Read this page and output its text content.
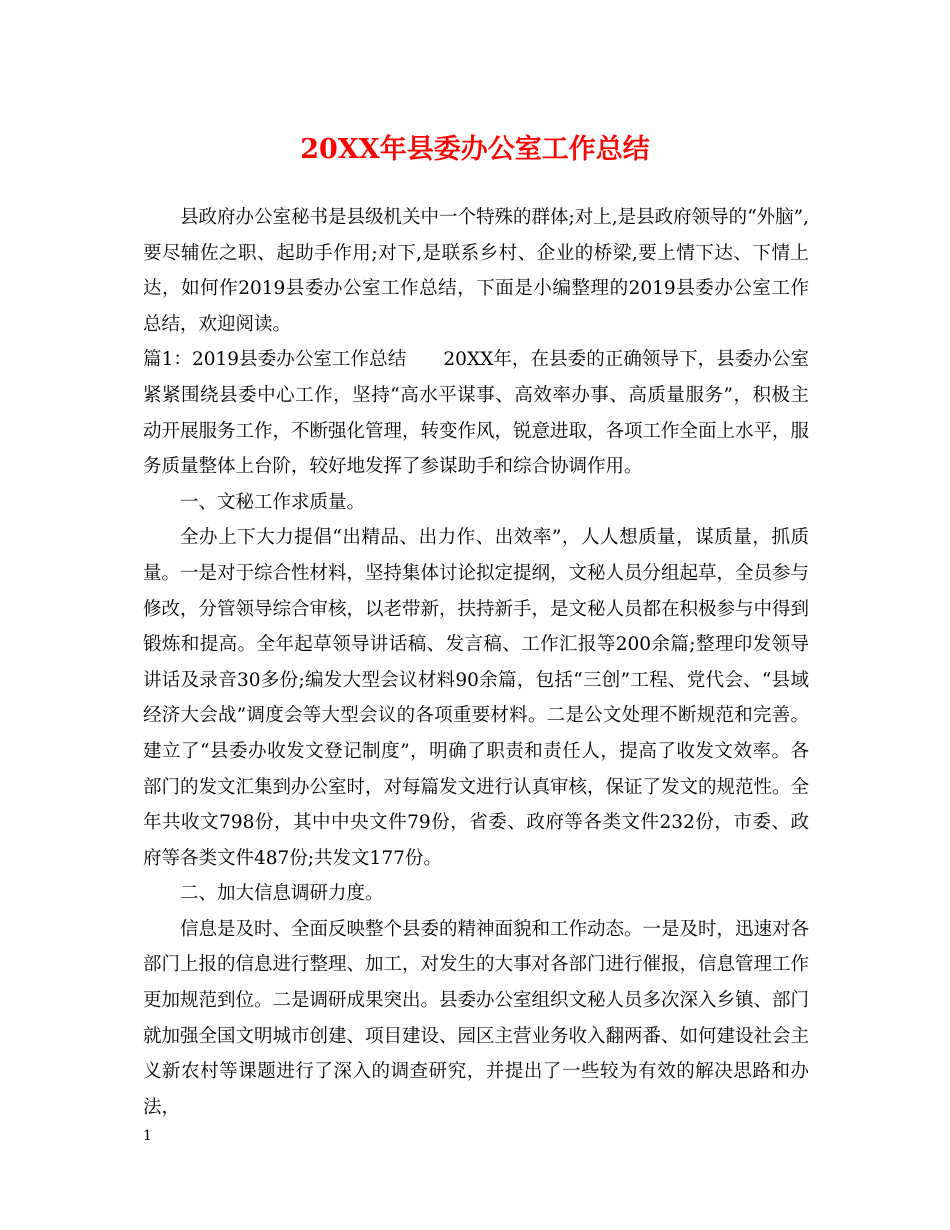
20XX年县委办公室工作总结

县政府办公室秘书是县级机关中一个特殊的群体;对上,是县政府领导的“外脑”,要尽辅佐之职、起助手作用;对下,是联系乡村、企业的桥梁,要上情下达、下情上达，如何作2019县委办公室工作总结，下面是小编整理的2019县委办公室工作总结，欢迎阅读。

篇1：2019县委办公室工作总结　　20XX年，在县委的正确领导下，县委办公室紧紧围绕县委中心工作，坚持“高水平谋事、高效率办事、高质量服务”，积极主动开展服务工作，不断强化管理，转变作风，锐意进取，各项工作全面上水平，服务质量整体上台阶，较好地发挥了参谋助手和综合协调作用。

一、文秘工作求质量。

全办上下大力提倡“出精品、出力作、出效率”，人人想质量，谋质量，抓质量。一是对于综合性材料，坚持集体讨论拟定提纲，文秘人员分组起草，全员参与修改，分管领导综合审核，以老带新，扶持新手，是文秘人员都在积极参与中得到锻炼和提高。全年起草领导讲话稿、发言稿、工作汇报等200余篇;整理印发领导讲话及录音30多份;编发大型会议材料90余篇，包括“三创”工程、党代会、“县域经济大会战”调度会等大型会议的各项重要材料。二是公文处理不断规范和完善。建立了“县委办收发文登记制度”，明确了职责和责任人，提高了收发文效率。各部门的发文汇集到办公室时，对每篇发文进行认真审核，保证了发文的规范性。全年共收文798份，其中中央文件79份，省委、政府等各类文件232份，市委、政府等各类文件487份;共发文177份。

二、加大信息调研力度。

信息是及时、全面反映整个县委的精神面貌和工作动态。一是及时，迅速对各部门上报的信息进行整理、加工，对发生的大事对各部门进行催报，信息管理工作更加规范到位。二是调研成果突出。县委办公室组织文秘人员多次深入乡镇、部门就加强全国文明城市创建、项目建设、园区主营业务收入翻两番、如何建设社会主义新农村等课题进行了深入的调查研究，并提出了一些较为有效的解决思路和办法，

1
